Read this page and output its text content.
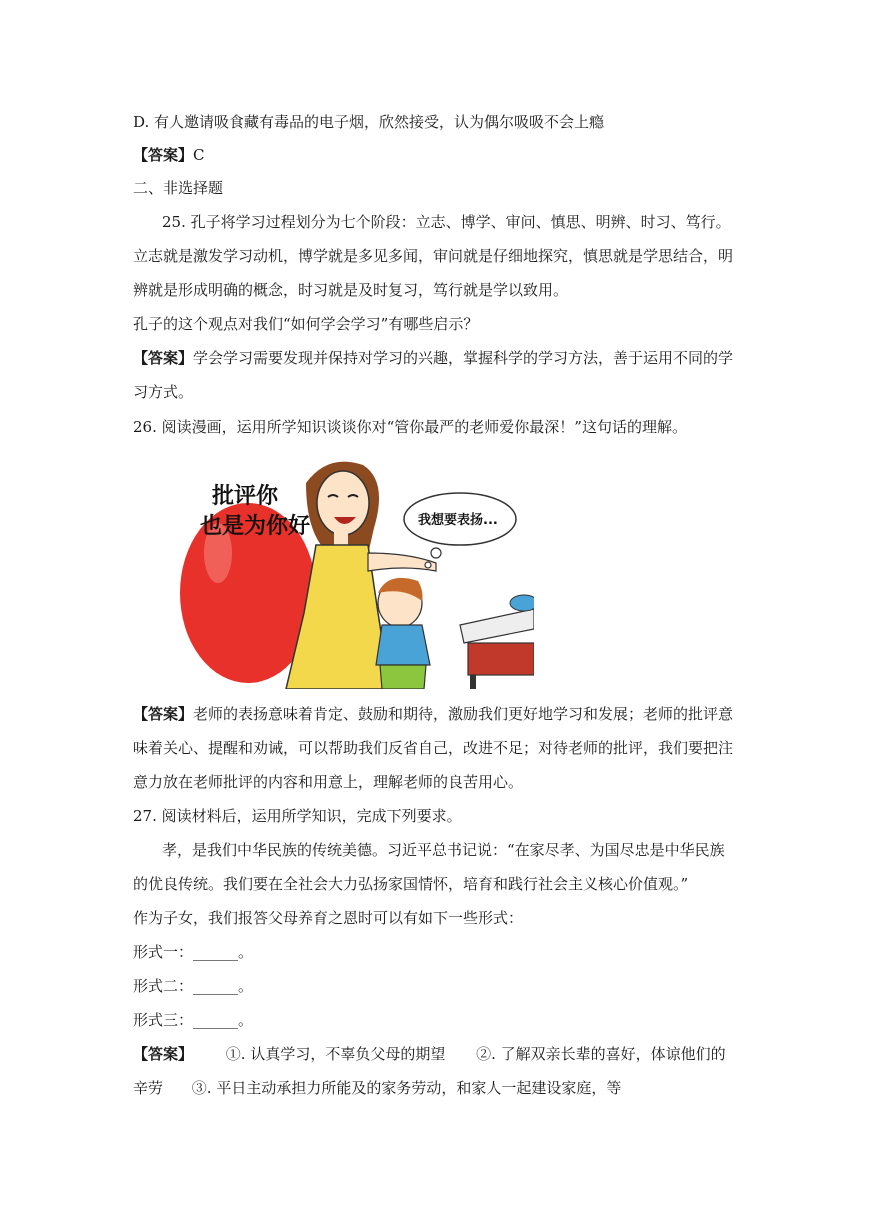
D. 有人邀请吸食藏有毒品的电子烟，欣然接受，认为偶尔吸吸不会上瘾
【答案】C
二、非选择题
25. 孔子将学习过程划分为七个阶段：立志、博学、审问、慎思、明辨、时习、笃行。
立志就是激发学习动机，博学就是多见多闻，审问就是仔细地探究，慎思就是学思结合，明
辨就是形成明确的概念，时习就是及时复习，笃行就是学以致用。
孔子的这个观点对我们“如何学会学习”有哪些启示？
【答案】学会学习需要发现并保持对学习的兴趣，掌握科学的学习方法，善于运用不同的学
习方式。
26. 阅读漫画，运用所学知识谈谈你对“管你最严的老师爱你最深！”这句话的理解。
批评你
也是为你好	我想要表扬...
【答案】老师的表扬意味着肯定、鼓励和期待，激励我们更好地学习和发展；老师的批评意
味着关心、提醒和劝诫，可以帮助我们反省自己，改进不足；对待老师的批评，我们要把注
意力放在老师批评的内容和用意上，理解老师的良苦用心。
27. 阅读材料后，运用所学知识，完成下列要求。
孝，是我们中华民族的传统美德。习近平总书记说：“在家尽孝、为国尽忠是中华民族
的优良传统。我们要在全社会大力弘扬家国情怀，培育和践行社会主义核心价值观。”
作为子女，我们报答父母养育之恩时可以有如下一些形式：
形式一：______。
形式二：______。
形式三：______。
【答案】 ①. 认真学习，不辜负父母的期望 ②. 了解双亲长辈的喜好，体谅他们的
辛劳 ③. 平日主动承担力所能及的家务劳动，和家人一起建设家庭，等
